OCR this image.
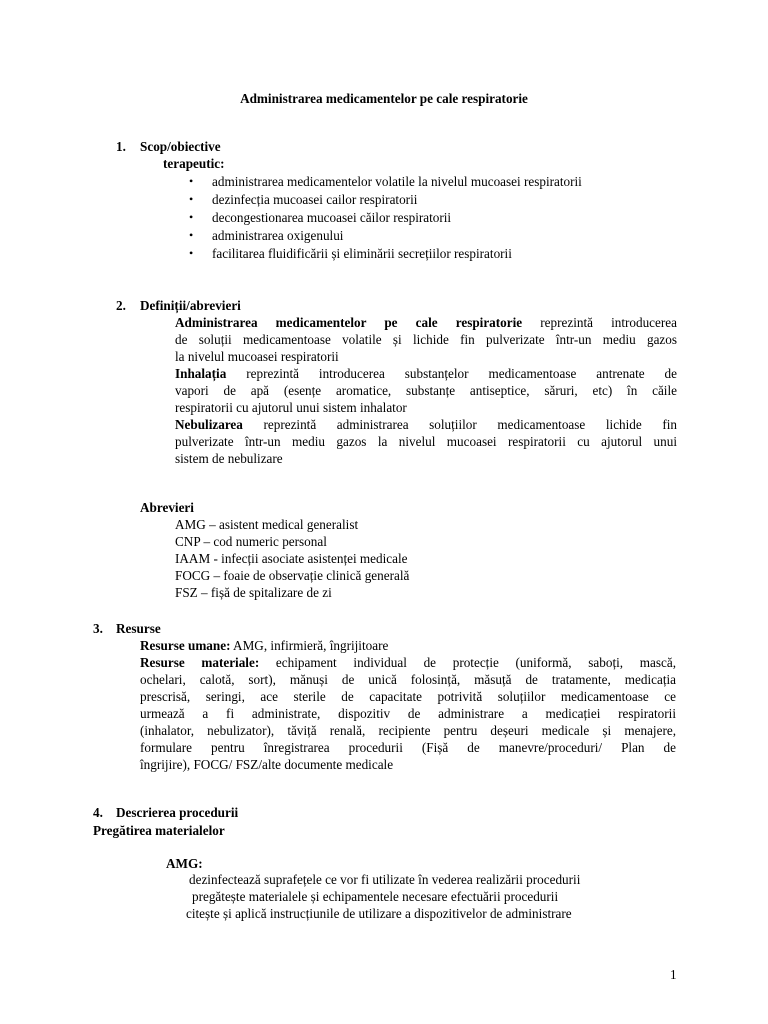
Administrarea medicamentelor pe cale respiratorie
1. Scop/obiective
terapeutic:
• administrarea medicamentelor volatile la nivelul mucoasei respiratorii
• dezinfecția mucoasei cailor respiratorii
• decongestionarea mucoasei căilor respiratorii
• administrarea oxigenului
• facilitarea fluidificării și eliminării secrețiilor respiratorii
2. Definiții/abrevieri
Administrarea medicamentelor pe cale respiratorie reprezintă introducerea
de soluții medicamentoase volatile și lichide fin pulverizate într-un mediu gazos
la nivelul mucoasei respiratorii
Inhalația reprezintă introducerea substanțelor medicamentoase antrenate de
vapori de apă (esențe aromatice, substanțe antiseptice, săruri, etc) în căile
respiratorii cu ajutorul unui sistem inhalator
Nebulizarea reprezintă administrarea soluțiilor medicamentoase lichide fin
pulverizate într-un mediu gazos la nivelul mucoasei respiratorii cu ajutorul unui
sistem de nebulizare
Abrevieri
AMG – asistent medical generalist
CNP – cod numeric personal
IAAM - infecții asociate asistenței medicale
FOCG – foaie de observație clinică generală
FSZ – fișă de spitalizare de zi
3. Resurse
Resurse umane: AMG, infirmieră, îngrijitoare
Resurse materiale: echipament individual de protecție (uniformă, saboți, mască,
ochelari, calotă, sort), mănuși de unică folosință, măsuță de tratamente, medicația
prescrisă, seringi, ace sterile de capacitate potrivită soluțiilor medicamentoase ce
urmează a fi administrate, dispozitiv de administrare a medicației respiratorii
(inhalator, nebulizator), tăviță renală, recipiente pentru deșeuri medicale și menajere,
formulare pentru înregistrarea procedurii (Fișă de manevre/proceduri/ Plan de
îngrijire), FOCG/ FSZ/alte documente medicale
4. Descrierea procedurii
Pregătirea materialelor
AMG:
dezinfectează suprafețele ce vor fi utilizate în vederea realizării procedurii
pregătește materialele și echipamentele necesare efectuării procedurii
citește și aplică instrucțiunile de utilizare a dispozitivelor de administrare
1
